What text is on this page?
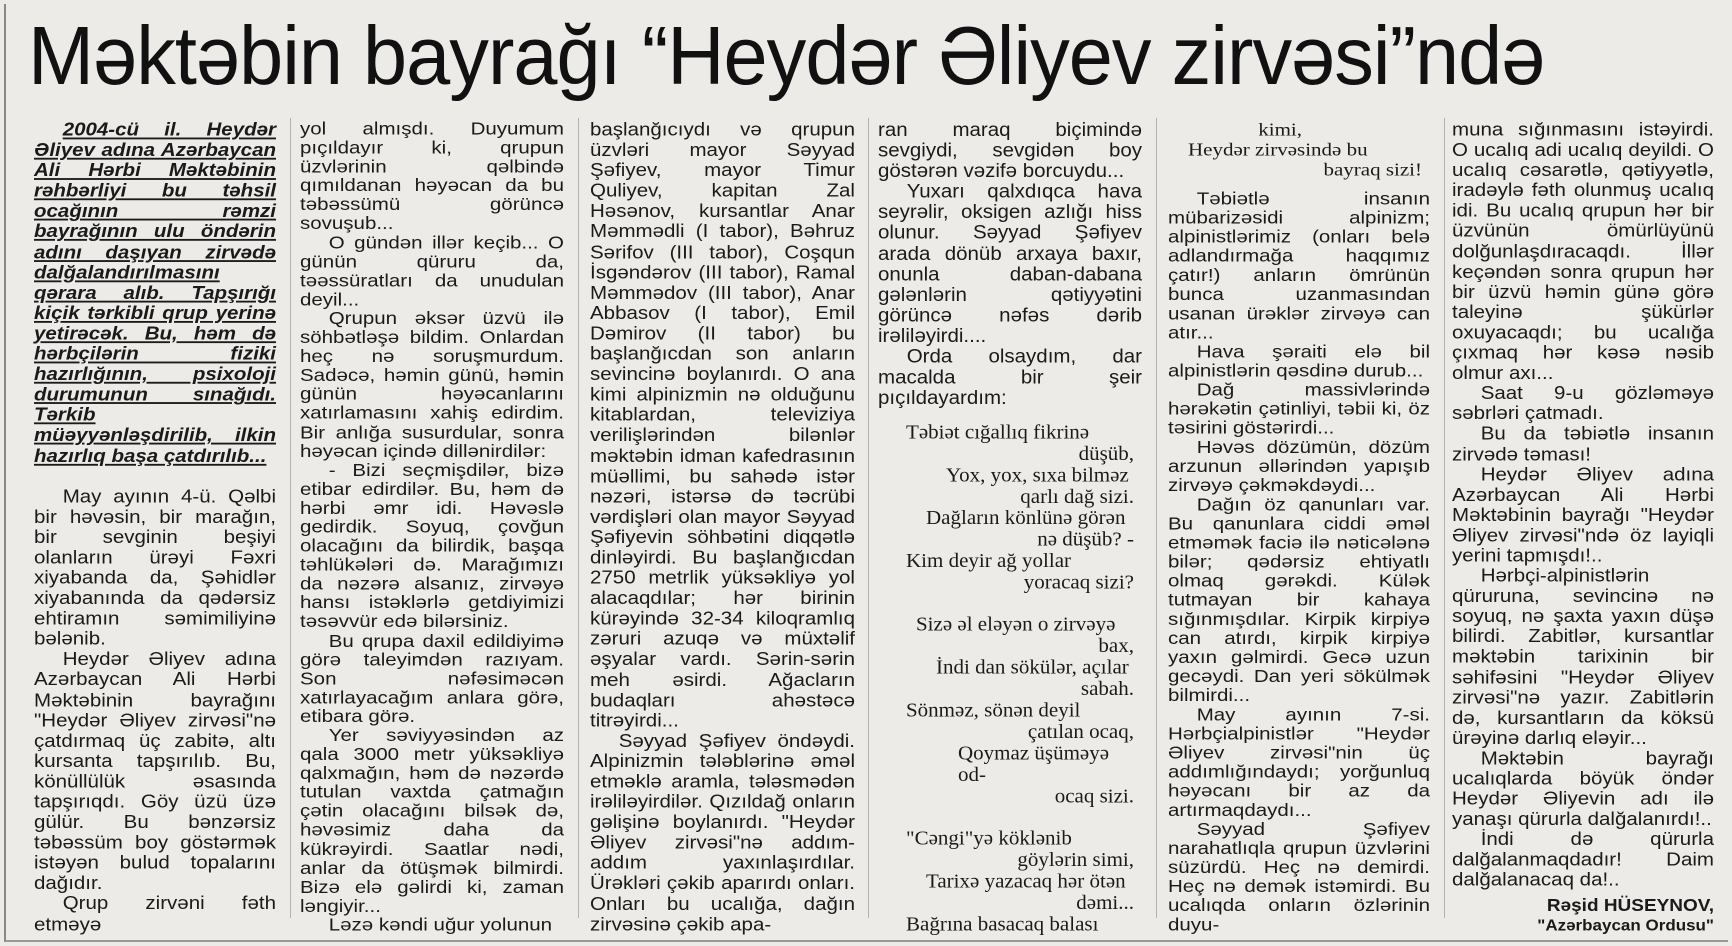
Məktəbin bayrağı “Heydər Əliyev zirvəsi”ndə

2004-cü il. Heydər Əliyev adına Azərbaycan Ali Hərbi Məktəbinin rəhbərliyi bu təhsil ocağının rəmzi bayrağının ulu öndərin adını daşıyan zirvədə dalğalandırılmasını qərara alıb. Tapşırığı kiçik tərkibli qrup yerinə yetirəcək. Bu, həm də hərbçilərin fiziki hazırlığının, psixoloji durumunun sınağıdı. Tərkib müəyyənləşdirilib, ilkin hazırlıq başa çatdırılıb...

May ayının 4-ü. Qəlbi bir həvəsin, bir marağın, bir sevginin beşiyi olanların ürəyi Fəxri xiyabanda da, Şəhidlər xiyabanında da qədərsiz ehtiramın səmimiliyinə bələnib.

Heydər Əliyev adına Azərbaycan Ali Hərbi Məktəbinin bayrağını "Heydər Əliyev zirvəsi"nə çatdırmaq üç zabitə, altı kursanta tapşırılıb. Bu, könüllülük əsasında tapşırıqdı. Göy üzü üzə gülür. Bu bənzərsiz təbəssüm boy göstərmək istəyən bulud topalarını dağıdır.

Qrup zirvəni fəth etməyə

yol almışdı. Duyumum pıçıldayır ki, qrupun üzvlərinin qəlbində qımıldanan həyəcan da bu təbəssümü görüncə sovuşub...

O gündən illər keçib... O günün qüruru da, təəssüratları da unudulan deyil...

Qrupun əksər üzvü ilə söhbətləşə bildim. Onlardan heç nə soruşmurdum. Sadəcə, həmin günü, həmin günün həyəcanlarını xatırlamasını xahiş edirdim. Bir anlığa susurdular, sonra həyəcan içində dillənirdilər:

- Bizi seçmişdilər, bizə etibar edirdilər. Bu, həm də hərbi əmr idi. Həvəslə gedirdik. Soyuq, çovğun olacağını da bilirdik, başqa təhlükələri də. Marağımızı da nəzərə alsanız, zirvəyə hansı istəklərlə getdiyimizi təsəvvür edə bilərsiniz.

Bu qrupa daxil edildiyimə görə taleyimdən razıyam. Son nəfəsiməcən xatırlayacağım anlara görə, etibara görə.

Yer səviyyəsindən az qala 3000 metr yüksəkliyə qalxmağın, həm də nəzərdə tutulan vaxtda çatmağın çətin olacağını bilsək də, həvəsimiz daha da kükrəyirdi. Saatlar nədi, anlar da ötüşmək bilmirdi. Bizə elə gəlirdi ki, zaman ləngiyir...

Ləzə kəndi uğur yolunun

başlanğıcıydı və qrupun üzvləri mayor Səyyad Şəfiyev, mayor Timur Quliyev, kapitan Zal Həsənov, kursantlar Anar Məmmədli (I tabor), Bəhruz Sərifov (III tabor), Coşqun İsgəndərov (III tabor), Ramal Məmmədov (III tabor), Anar Abbasov (I tabor), Emil Dəmirov (II tabor) bu başlanğıcdan son anların sevincinə boylanırdı. O ana kimi alpinizmin nə olduğunu kitablardan, televiziya verilişlərindən bilənlər məktəbin idman kafedrasının müəllimi, bu sahədə istər nəzəri, istərsə də təcrübi vərdişləri olan mayor Səyyad Şəfiyevin söhbətini diqqətlə dinləyirdi. Bu başlanğıcdan 2750 metrlik yüksəkliyə yol alacaqdılar; hər birinin kürəyində 32-34 kiloqramlıq zəruri azuqə və müxtəlif əşyalar vardı. Sərin-sərin meh əsirdi. Ağacların budaqları ahəstəcə titrəyirdi...

Səyyad Şəfiyev öndəydi. Alpinizmin tələblərinə əməl etməklə aramla, tələsmədən irəliləyirdilər. Qızıldağ onların gəlişinə boylanırdı. "Heydər Əliyev zirvəsi"nə addım-addım yaxınlaşırdılar. Ürəkləri çəkib aparırdı onları. Onları bu ucalığa, dağın zirvəsinə çəkib apa-

ran maraq biçimində sevgiydi, sevgidən boy göstərən vəzifə borcuydu...

Yuxarı qalxdıqca hava seyrəlir, oksigen azlığı hiss olunur. Səyyad Şəfiyev arada dönüb arxaya baxır, onunla daban-dabana gələnlərin qətiyyətini görüncə nəfəs dərib irəliləyirdi....

Orda olsaydım, dar macalda bir şeir pıçıldayardım:

Təbiət cığallıq fikrinə
düşüb,
Yox, yox, sıxa bilməz
qarlı dağ sizi.
Dağların könlünə görən
nə düşüb? -
Kim deyir ağ yollar
yoracaq sizi?
Sizə əl eləyən o zirvəyə
bax,
İndi dan sökülər, açılar
sabah.
Sönməz, sönən deyil
çatılan ocaq,
Qoymaz üşüməyə od-
ocaq sizi.
"Cəngi"yə köklənib
göylərin simi,
Tarixə yazacaq hər ötən
dəmi...
Bağrına basacaq balası
kimi,
Heydər zirvəsində bu
bayraq sizi!

Təbiətlə insanın mübarizəsidi alpinizm; alpinistlərimiz (onları belə adlandırmağa haqqımız çatır!) anların ömrünün bunca uzanmasından usanan ürəklər zirvəyə can atır...

Hava şəraiti elə bil alpinistlərin qəsdinə durub...

Dağ massivlərində hərəkətin çətinliyi, təbii ki, öz təsirini göstərirdi...

Həvəs dözümün, dözüm arzunun əllərindən yapışıb zirvəyə çəkməkdəydi...

Dağın öz qanunları var. Bu qanunlara ciddi əməl etməmək faciə ilə nəticələnə bilər; qədərsiz ehtiyatlı olmaq gərəkdi. Külək tutmayan bir kahaya sığınmışdılar. Kirpik kirpiyə can atırdı, kirpik kirpiyə yaxın gəlmirdi. Gecə uzun gecəydi. Dan yeri sökülmək bilmirdi...

May ayının 7-si. Hərbçialpinistlər "Heydər Əliyev zirvəsi"nin üç addımlığındaydı; yorğunluq həyəcanı bir az da artırmaqdaydı...

Səyyad Şəfiyev narahatlıqla qrupun üzvlərini süzürdü. Heç nə demirdi. Heç nə demək istəmirdi. Bu ucalıqda onların özlərinin duyu-

muna sığınmasını istəyirdi. O ucalıq adi ucalıq deyildi. O ucalıq cəsarətlə, qətiyyətlə, iradəylə fəth olunmuş ucalıq idi. Bu ucalıq qrupun hər bir üzvünün ömürlüyünü dolğunlaşdıracaqdı. İllər keçəndən sonra qrupun hər bir üzvü həmin günə görə taleyinə şükürlər oxuyacaqdı; bu ucalığa çıxmaq hər kəsə nəsib olmur axı...

Saat 9-u gözləməyə səbrləri çatmadı.

Bu da təbiətlə insanın zirvədə təması!

Heydər Əliyev adına Azərbaycan Ali Hərbi Məktəbinin bayrağı "Heydər Əliyev zirvəsi"ndə öz layiqli yerini tapmışdı!..

Hərbçi-alpinistlərin qüruruna, sevincinə nə soyuq, nə şaxta yaxın düşə bilirdi. Zabitlər, kursantlar məktəbin tarixinin bir səhifəsini "Heydər Əliyev zirvəsi"nə yazır. Zabitlərin də, kursantların da köksü ürəyinə darlıq eləyir...

Məktəbin bayrağı ucalıqlarda böyük öndər Heydər Əliyevin adı ilə yanaşı qürurla dalğalanırdı!..

İndi də qürurla dalğalanmaqdadır! Daim dalğalanacaq da!..

Rəşid HÜSEYNOV,
"Azərbaycan Ordusu"
